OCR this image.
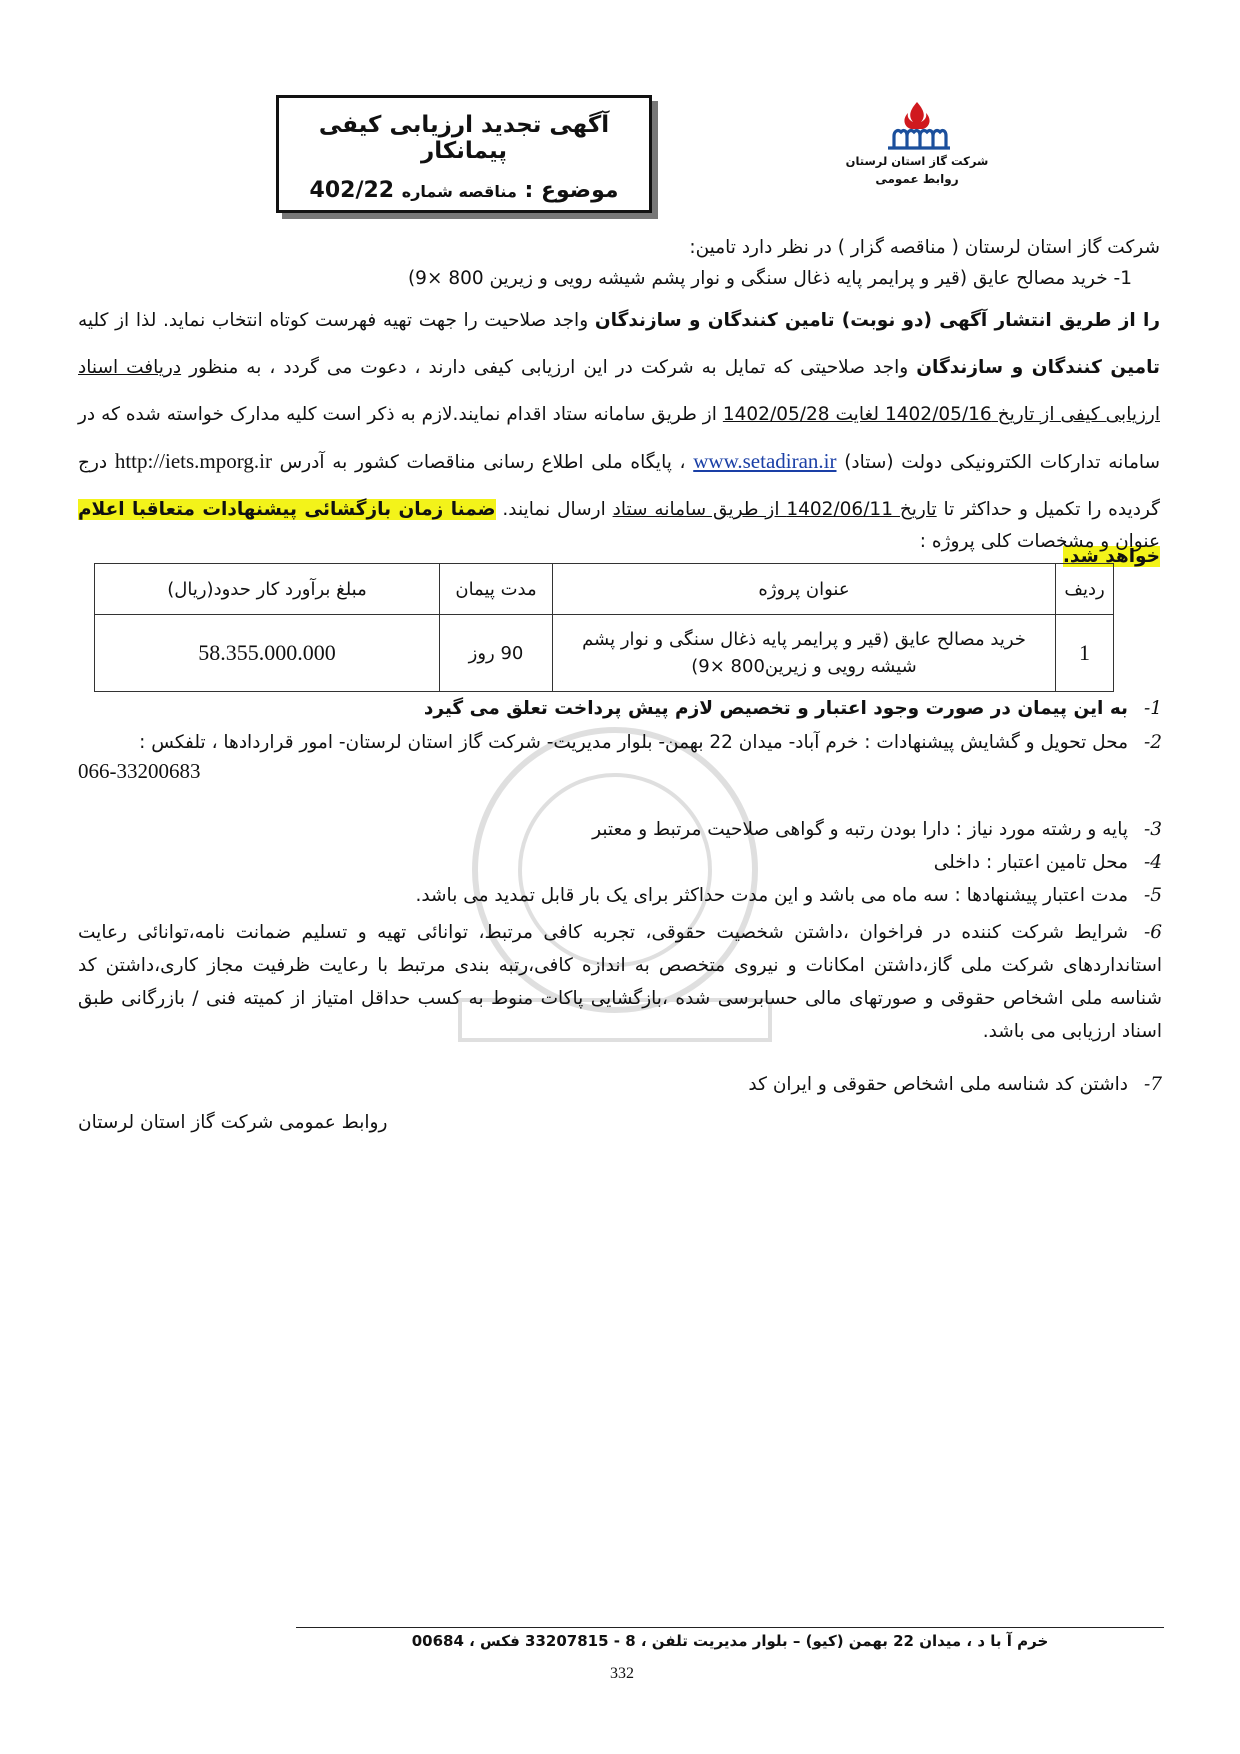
آگهی تجدید ارزیابی کیفی پیمانکار
موضوع : مناقصه شماره 402/22
شرکت گاز استان لرستان
روابط عمومی
شرکت گاز استان لرستان ( مناقصه گزار ) در نظر دارد تامین:
1- خرید مصالح عایق (قیر و پرایمر پایه ذغال سنگی و نوار پشم شیشه رویی و زیرین 800 ×9)
را از طریق انتشار آگهی (دو نوبت) تامین کنندگان و سازندگان واجد صلاحیت را جهت تهیه فهرست کوتاه انتخاب نماید. لذا از کلیه تامین کنندگان و سازندگان واجد صلاحیتی که تمایل به شرکت در این ارزیابی کیفی دارند ، دعوت می گردد ، به منظور دریافت اسناد ارزیابی کیفی از تاریخ 1402/05/16 لغایت 1402/05/28 از طریق سامانه ستاد اقدام نمایند.لازم به ذکر است کلیه مدارک خواسته شده که در سامانه تدارکات الکترونیکی دولت (ستاد) www.setadiran.ir ، پایگاه ملی اطلاع رسانی مناقصات کشور به آدرس http://iets.mporg.ir درج گردیده را تکمیل و حداکثر تا تاریخ 1402/06/11 از طریق سامانه ستاد ارسال نمایند. ضمنا زمان بازگشائی پیشنهادات متعاقبا اعلام خواهد شد.
عنوان و مشخصات کلی پروژه :
ردیف	عنوان پروژه	مدت پیمان	مبلغ برآورد کار حدود(ریال)
1	خرید مصالح عایق (قیر و پرایمر پایه ذغال سنگی و نوار پشم
شیشه رویی و زیرین800 ×9)	90 روز	58.355.000.000
1-به این پیمان در صورت وجود اعتبار و تخصیص لازم پیش پرداخت تعلق می گیرد
2-محل تحویل و گشایش پیشنهادات : خرم آباد- میدان 22 بهمن- بلوار مدیریت- شرکت گاز استان لرستان- امور قراردادها ، تلفکس :
066-33200683
3-پایه و رشته مورد نیاز : دارا بودن رتبه و گواهی صلاحیت مرتبط و معتبر
4-محل تامین اعتبار : داخلی
5-مدت اعتبار پیشنهادها : سه ماه می باشد و این مدت حداکثر برای یک بار قابل تمدید می باشد.
6-شرایط شرکت کننده در فراخوان ،داشتن شخصیت حقوقی، تجربه کافی مرتبط، توانائی تهیه و تسلیم ضمانت نامه،توانائی رعایت استانداردهای شرکت ملی گاز،داشتن امکانات و نیروی متخصص به اندازه کافی،رتبه بندی مرتبط با رعایت ظرفیت مجاز کاری،داشتن کد شناسه ملی اشخاص حقوقی و صورتهای مالی حسابرسی شده ،بازگشایی پاکات منوط به کسب حداقل امتیاز از کمیته فنی / بازرگانی طبق اسناد ارزیابی می باشد.
7-داشتن کد شناسه ملی اشخاص حقوقی و ایران کد
روابط عمومی شرکت گاز استان لرستان
خرم آ با د ، میدان 22 بهمن (کیو) – بلوار مدیریت تلفن ، 8 - 33207815 فکس ، 00684
332
